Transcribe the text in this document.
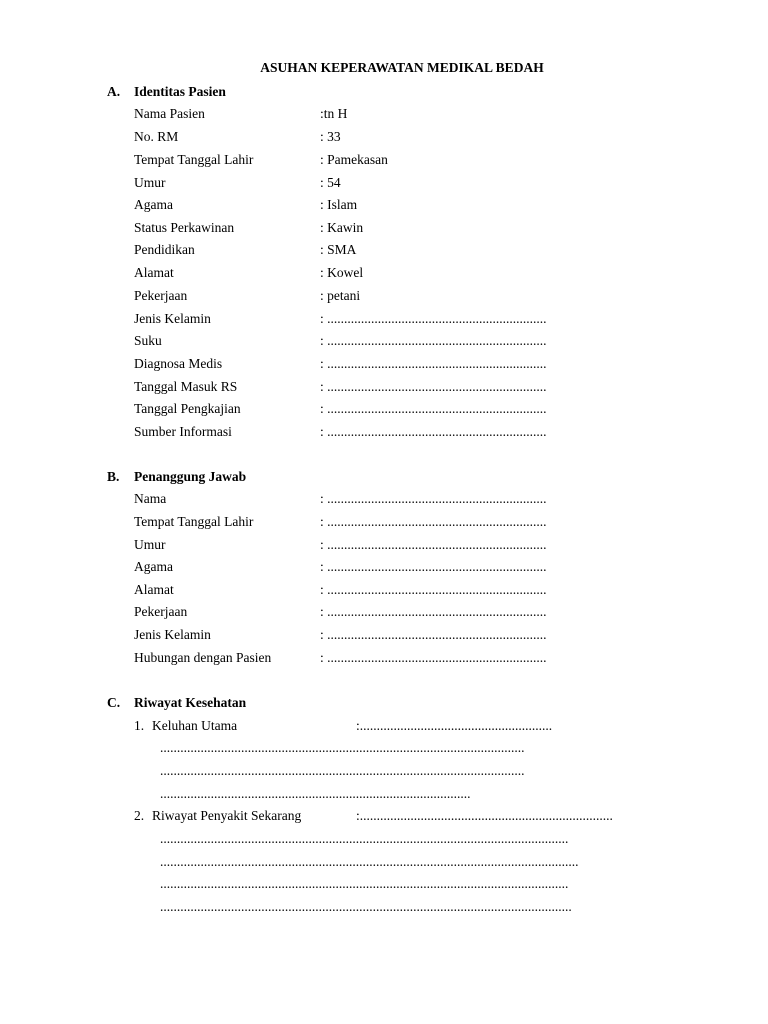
ASUHAN KEPERAWATAN MEDIKAL BEDAH
A. Identitas Pasien
Nama Pasien	:tn H
No. RM	: 33
Tempat Tanggal Lahir	: Pamekasan
Umur	: 54
Agama	: Islam
Status Perkawinan	: Kawin
Pendidikan	: SMA
Alamat	: Kowel
Pekerjaan	: petani
Jenis Kelamin	: .................................................................
Suku	: .................................................................
Diagnosa Medis	: .................................................................
Tanggal Masuk RS	: .................................................................
Tanggal Pengkajian	: .................................................................
Sumber Informasi	: .................................................................
B. Penanggung Jawab
Nama	: .................................................................
Tempat Tanggal Lahir	: .................................................................
Umur	: .................................................................
Agama	: .................................................................
Alamat	: .................................................................
Pekerjaan	: .................................................................
Jenis Kelamin	: .................................................................
Hubungan dengan Pasien	: .................................................................
C. Riwayat Kesehatan
1. Keluhan Utama	:.........................................................
............................................................................................................
............................................................................................................
............................................................................................
2. Riwayat Penyakit Sekarang	:...........................................................................
.........................................................................................................................
............................................................................................................................
.........................................................................................................................
..........................................................................................................................
